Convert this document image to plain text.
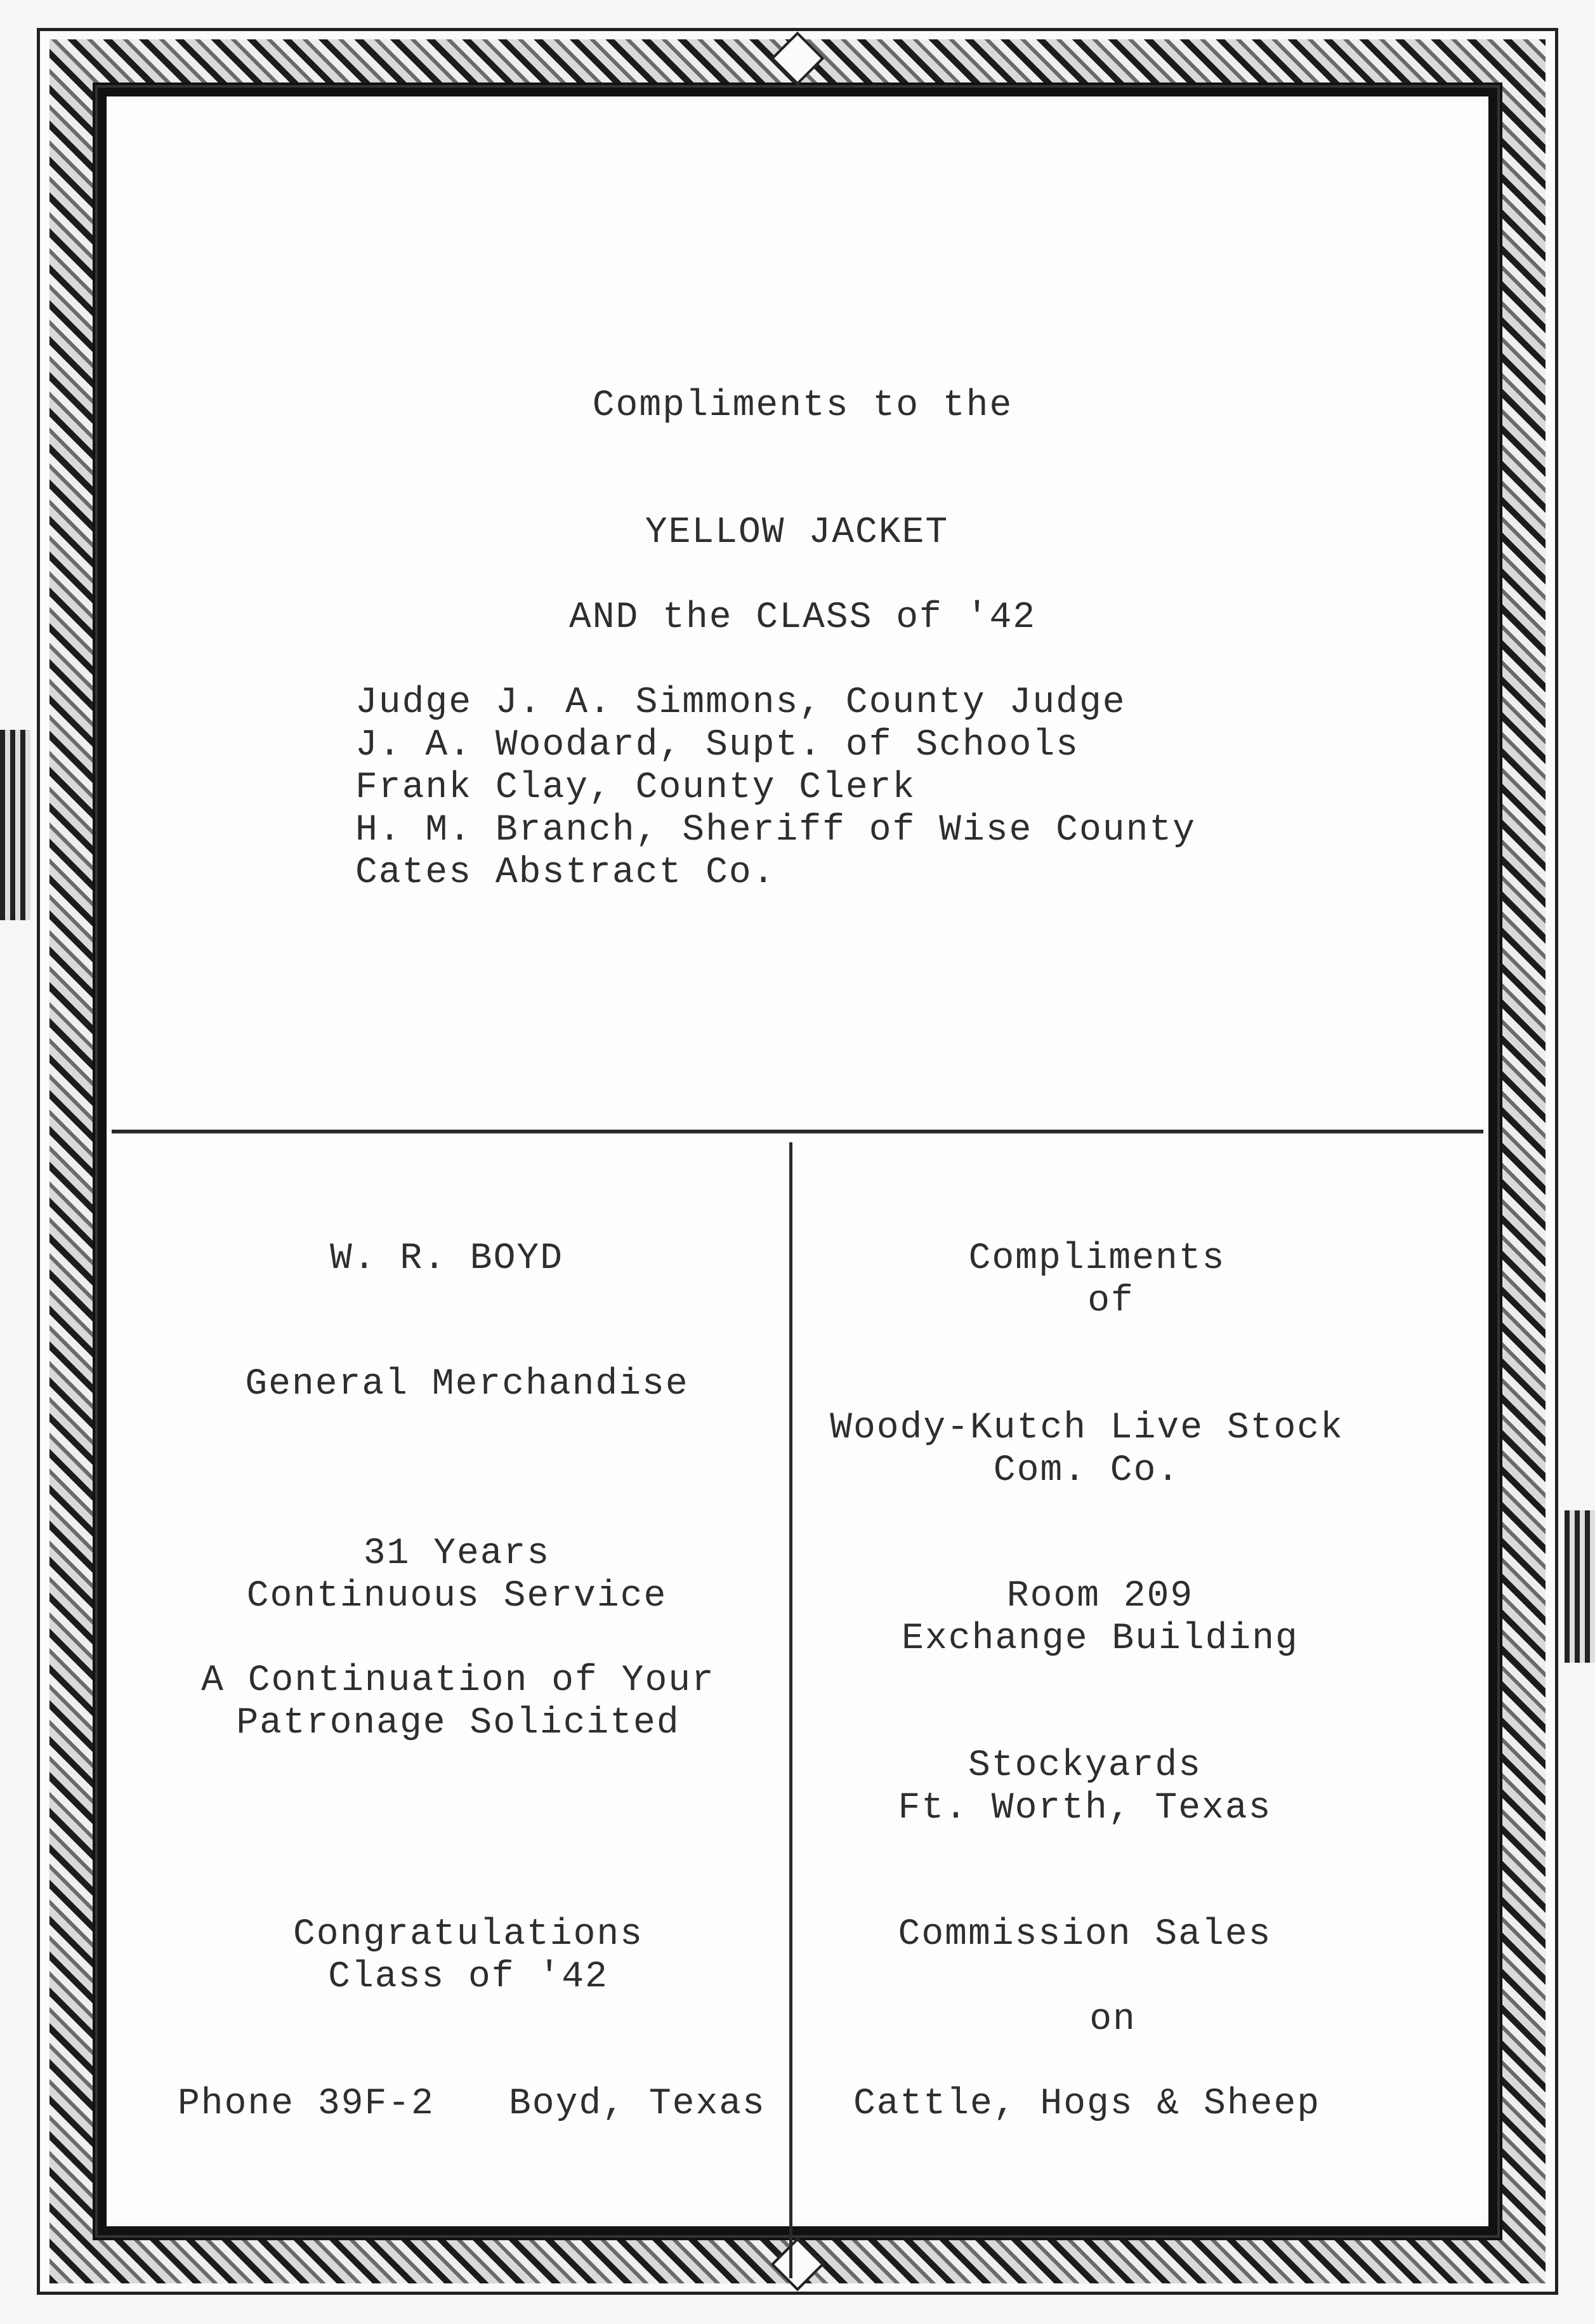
Compliments to the
YELLOW JACKET
AND the CLASS of '42
Judge J. A. Simmons, County Judge
J. A. Woodard, Supt. of Schools
Frank Clay, County Clerk
H. M. Branch, Sheriff of Wise County
Cates Abstract Co.
W. R. BOYD
General Merchandise
31 Years
Continuous Service
A Continuation of Your
Patronage Solicited
Congratulations
Class of '42
Phone 39F-2 Boyd, Texas
Compliments
of
Woody-Kutch Live Stock
Com. Co.
Room 209
Exchange Building
Stockyards
Ft. Worth, Texas
Commission Sales
on
Cattle, Hogs & Sheep
